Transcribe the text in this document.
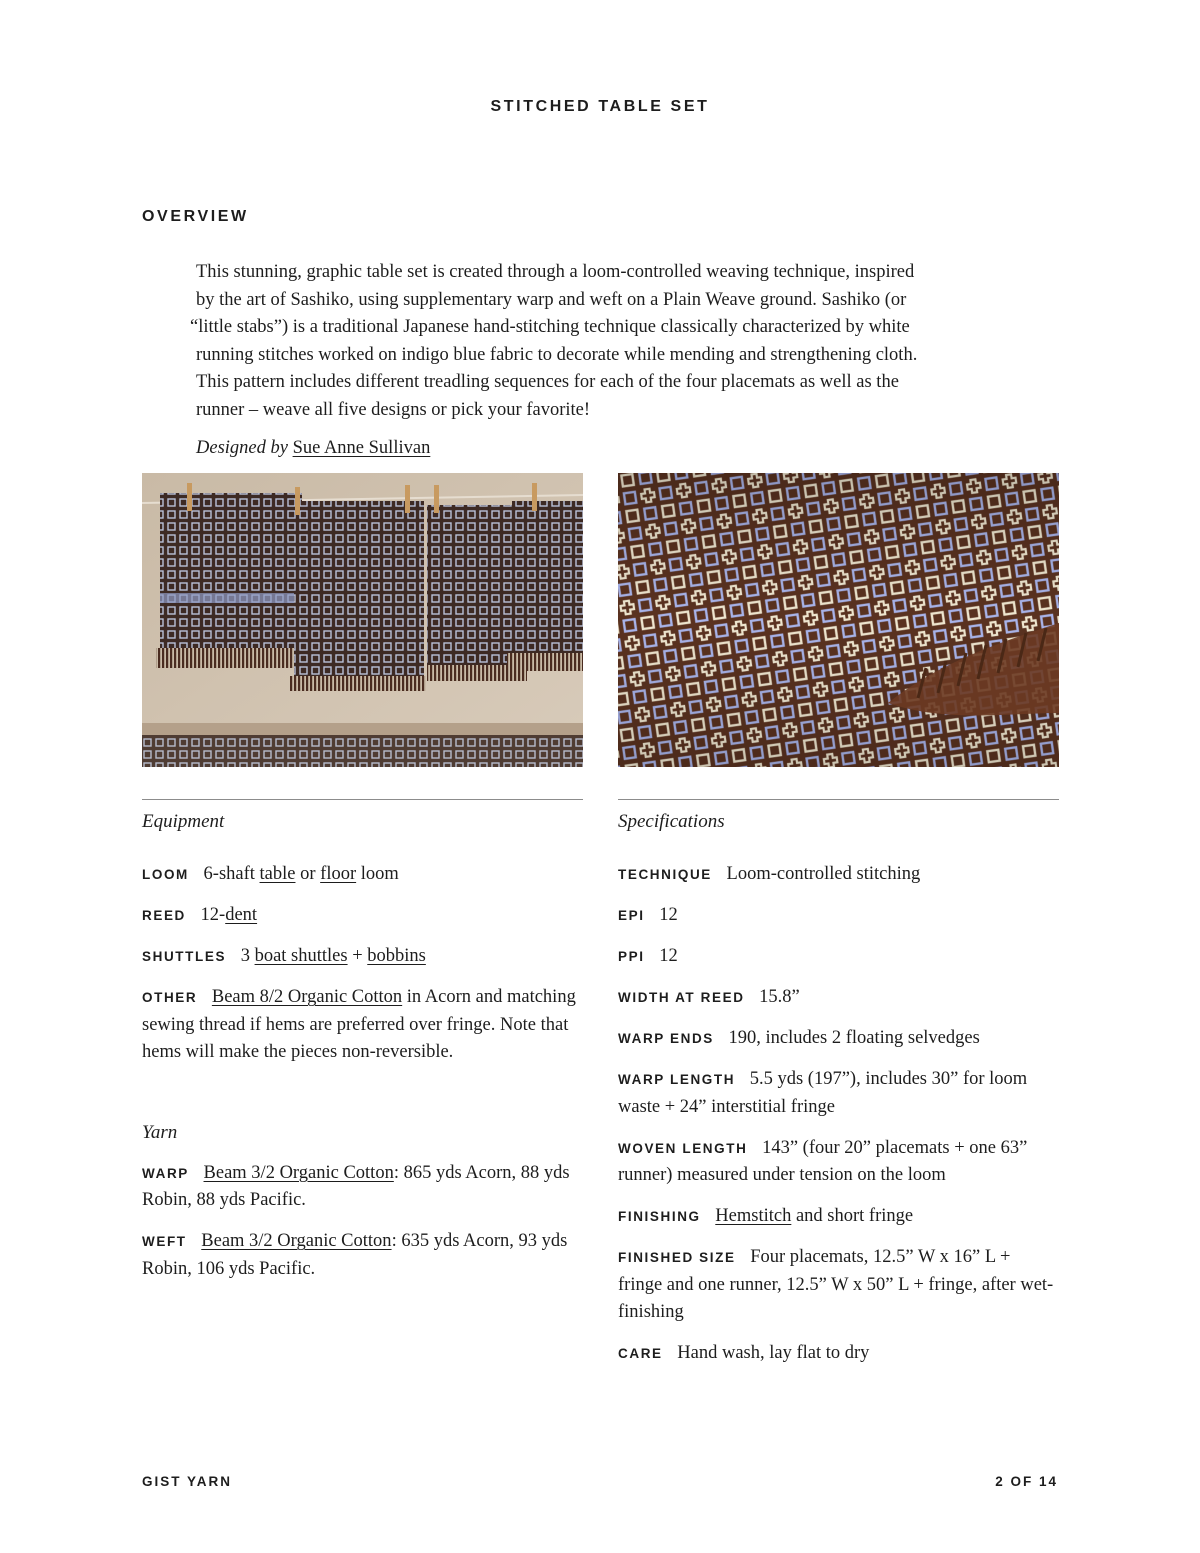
STITCHED TABLE SET
OVERVIEW

This stunning, graphic table set is created through a loom-controlled weaving technique, inspired
by the art of Sashiko, using supplementary warp and weft on a Plain Weave ground. Sashiko (or
“little stabs”) is a traditional Japanese hand-stitching technique classically characterized by white
running stitches worked on indigo blue fabric to decorate while mending and strengthening cloth.
This pattern includes different treadling sequences for each of the four placemats as well as the
runner – weave all five designs or pick your favorite!

Designed by Sue Anne Sullivan

Equipment

LOOM 6-shaft table or floor loom

REED 12-dent

SHUTTLES 3 boat shuttles + bobbins

OTHER Beam 8/2 Organic Cotton in Acorn and matching sewing thread if hems are preferred over fringe. Note that hems will make the pieces non-reversible.

Yarn

WARP Beam 3/2 Organic Cotton: 865 yds Acorn, 88 yds Robin, 88 yds Pacific.

WEFT Beam 3/2 Organic Cotton: 635 yds Acorn, 93 yds Robin, 106 yds Pacific.

Specifications

TECHNIQUE Loom-controlled stitching

EPI 12

PPI 12

WIDTH AT REED 15.8”

WARP ENDS 190, includes 2 floating selvedges

WARP LENGTH 5.5 yds (197”), includes 30” for loom waste + 24” interstitial fringe

WOVEN LENGTH 143” (four 20” placemats + one 63” runner) measured under tension on the loom

FINISHING Hemstitch and short fringe

FINISHED SIZE Four placemats, 12.5” W x 16” L + fringe and one runner, 12.5” W x 50” L + fringe, after wet-finishing

CARE Hand wash, lay flat to dry

GIST YARN	2 OF 14
